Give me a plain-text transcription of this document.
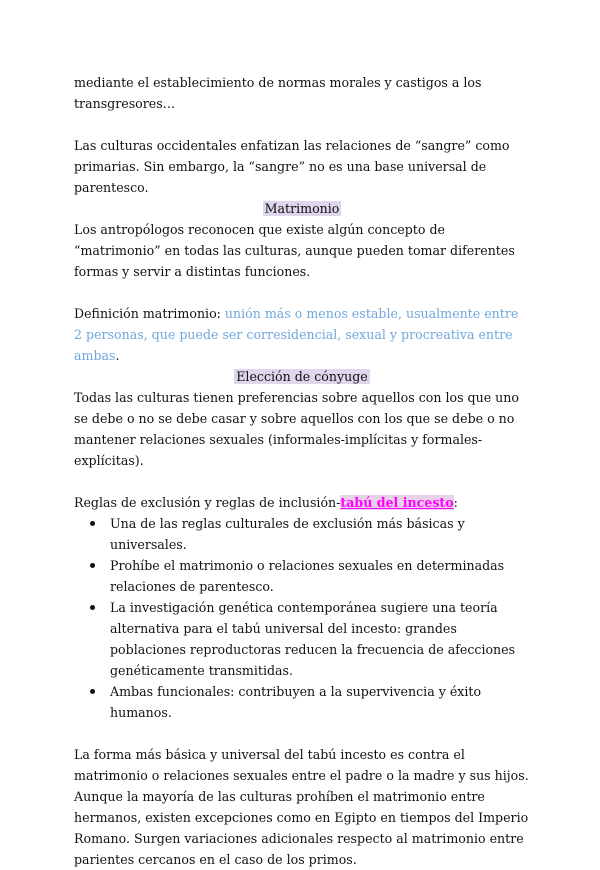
mediante el establecimiento de normas morales y castigos a los transgresores…

Las culturas occidentales enfatizan las relaciones de “sangre” como primarias. Sin embargo, la “sangre” no es una base universal de parentesco.

Matrimonio

Los antropólogos reconocen que existe algún concepto de “matrimonio” en todas las culturas, aunque pueden tomar diferentes formas y servir a distintas funciones.

Definición matrimonio: unión más o menos estable, usualmente entre 2 personas, que puede ser corresidencial, sexual y procreativa entre ambas.

Elección de cónyuge

Todas las culturas tienen preferencias sobre aquellos con los que uno se debe o no se debe casar y sobre aquellos con los que se debe o no mantener relaciones sexuales (informales-implícitas y formales-explícitas).

Reglas de exclusión y reglas de inclusión-tabú del incesto:

Una de las reglas culturales de exclusión más básicas y universales.
Prohíbe el matrimonio o relaciones sexuales en determinadas relaciones de parentesco.
La investigación genética contemporánea sugiere una teoría alternativa para el tabú universal del incesto: grandes poblaciones reproductoras reducen la frecuencia de afecciones genéticamente transmitidas.
Ambas funcionales: contribuyen a la supervivencia y éxito humanos.

La forma más básica y universal del tabú incesto es contra el matrimonio o relaciones sexuales entre el padre o la madre y sus hijos. Aunque la mayoría de las culturas prohíben el matrimonio entre hermanos, existen excepciones como en Egipto en tiempos del Imperio Romano. Surgen variaciones adicionales respecto al matrimonio entre parientes cercanos en el caso de los primos.
